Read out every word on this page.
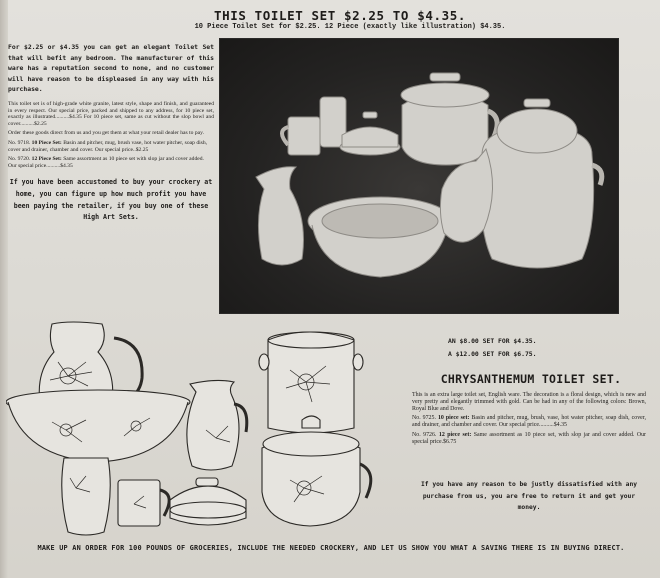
THIS TOILET SET $2.25 TO $4.35.
10 Piece Toilet Set for $2.25. 12 Piece (exactly like illustration) $4.35.

For $2.25 or $4.35 you can get an elegant Toilet Set that will befit any bedroom. The manufacturer of this ware has a reputation second to none, and no customer will have reason to be displeased in any way with his purchase.

This toilet set is of high-grade white granite, latest style, shape and finish, and guaranteed in every respect. Our special price, packed and shipped to any address, for 10 piece set, exactly as illustrated..........$4.35 For 10 piece set, same as cut without the slop bowl and cover..........$2.25

Order these goods direct from us and you get them at what your retail dealer has to pay.

No. 9718. 10 Piece Set: Basin and pitcher, mug, brush vase, hot water pitcher, soap dish, cover and drainer, chamber and cover. Our special price..$2.25

No. 9720. 12 Piece Set: Same assortment as 10 piece set with slop jar and cover added. Our special price..........$4.35

If you have been accustomed to buy your crockery at home, you can figure up how much profit you have been paying the retailer, if you buy one of these High Art Sets.

AN $8.00 SET FOR $4.35.
A $12.00 SET FOR $6.75.
CHRYSANTHEMUM TOILET SET.

This is an extra large toilet set, English ware. The decoration is a floral design, which is new and very pretty and elegantly trimmed with gold. Can be had in any of the following colors: Brown, Royal Blue and Dove.

No. 9725. 10 piece set: Basin and pitcher, mug, brush, vase, hot water pitcher, soap dish, cover, and drainer, and chamber and cover. Our special price..........$4.35

No. 9726. 12 piece set: Same assortment as 10 piece set, with slop jar and cover added. Our special price.$6.75

If you have any reason to be justly dissatisfied with any purchase from us, you are free to return it and get your money.
MAKE UP AN ORDER FOR 100 POUNDS OF GROCERIES, INCLUDE THE NEEDED CROCKERY, AND LET US SHOW YOU WHAT A SAVING THERE IS IN BUYING DIRECT.
